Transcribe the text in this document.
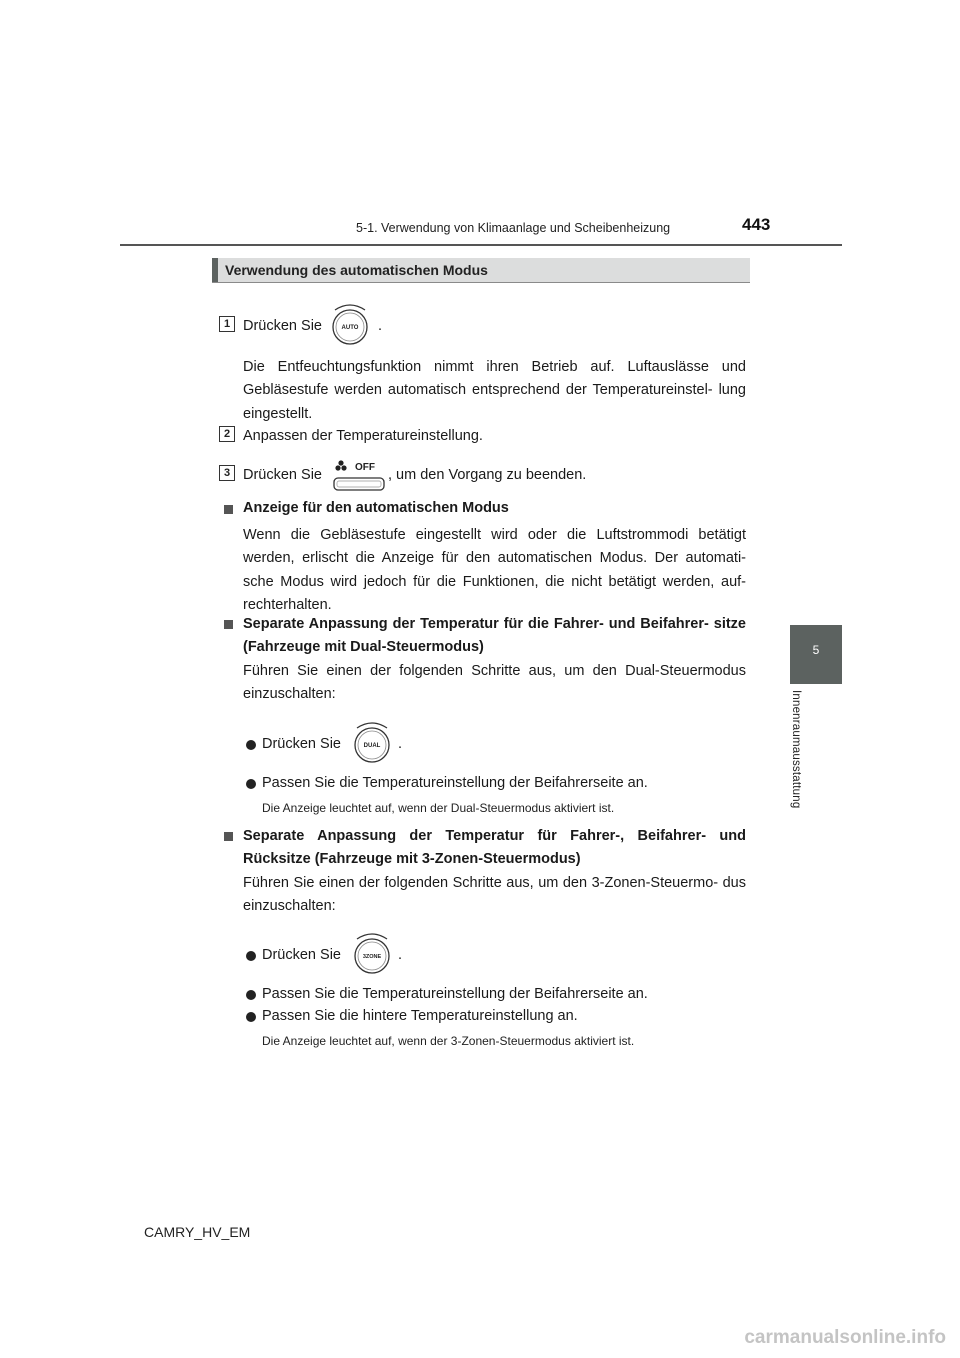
5-1. Verwendung von Klimaanlage und Scheibenheizung	443
5
Innenraumausstattung
Verwendung des automatischen Modus
1 Drücken Sie	AUTO .
Die Entfeuchtungsfunktion nimmt ihren Betrieb auf. Luftauslässe und Gebläsestufe werden automatisch entsprechend der Temperatureinstel- lung eingestellt.
2 Anpassen der Temperatureinstellung.
3 Drücken Sie	OFF , um den Vorgang zu beenden.
Anzeige für den automatischen Modus
Wenn die Gebläsestufe eingestellt wird oder die Luftstrommodi betätigt werden, erlischt die Anzeige für den automatischen Modus. Der automati- sche Modus wird jedoch für die Funktionen, die nicht betätigt werden, auf- rechterhalten.
Separate Anpassung der Temperatur für die Fahrer- und Beifahrer- sitze (Fahrzeuge mit Dual-Steuermodus)
Führen Sie einen der folgenden Schritte aus, um den Dual-Steuermodus einzuschalten:
Drücken Sie	DUAL .
Passen Sie die Temperatureinstellung der Beifahrerseite an.
Die Anzeige leuchtet auf, wenn der Dual-Steuermodus aktiviert ist.
Separate Anpassung der Temperatur für Fahrer-, Beifahrer- und Rücksitze (Fahrzeuge mit 3-Zonen-Steuermodus)
Führen Sie einen der folgenden Schritte aus, um den 3-Zonen-Steuermo- dus einzuschalten:
Drücken Sie	3ZONE .
Passen Sie die Temperatureinstellung der Beifahrerseite an.
Passen Sie die hintere Temperatureinstellung an.
Die Anzeige leuchtet auf, wenn der 3-Zonen-Steuermodus aktiviert ist.
CAMRY_HV_EM
carmanualsonline.info
